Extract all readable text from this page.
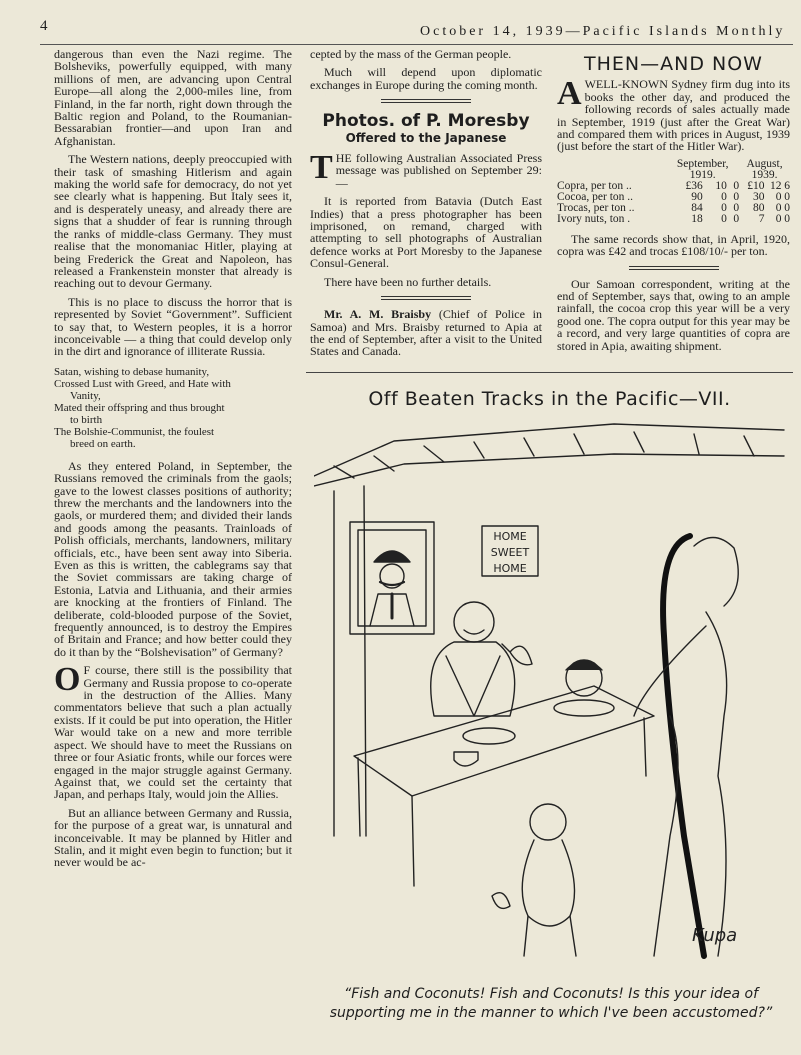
4	October 14, 1939—Pacific Islands Monthly

dangerous than even the Nazi regime. The Bolsheviks, powerfully equipped, with many millions of men, are advancing upon Central Europe—all along the 2,000-miles line, from Finland, in the far north, right down through the Baltic region and Poland, to the Roumanian-Bessarabian frontier—and upon Iran and Afghanistan.

The Western nations, deeply preoccupied with their task of smashing Hitlerism and again making the world safe for democracy, do not yet see clearly what is happening. But Italy sees it, and is desperately uneasy, and already there are signs that a shudder of fear is running through the ranks of middle-class Germany. They must realise that the monomaniac Hitler, playing at being Frederick the Great and Napoleon, has released a Frankenstein monster that already is reaching out to devour Germany.

This is no place to discuss the horror that is represented by Soviet “Government”. Sufficient to say that, to Western peoples, it is a horror inconceivable — a thing that could develop only in the dirt and ignorance of illiterate Russia.

Satan, wishing to debase humanity,
Crossed Lust with Greed, and Hate with
Vanity,
Mated their offspring and thus brought
to birth
The Bolshie-Communist, the foulest
breed on earth.

As they entered Poland, in September, the Russians removed the criminals from the gaols; gave to the lowest classes positions of authority; threw the merchants and the landowners into the gaols, or murdered them; and divided their lands and goods among the peasants. Trainloads of Polish officials, merchants, landowners, military officials, etc., have been sent away into Siberia. Even as this is written, the cablegrams say that the Soviet commissars are taking charge of Estonia, Latvia and Lithuania, and their armies are knocking at the frontiers of Finland. The deliberate, cold-blooded purpose of the Soviet, frequently announced, is to destroy the Empires of Britain and France; and how better could they do it than by the “Bolshevisation” of Germany?

O F course, there still is the possibility that Germany and Russia propose to co-operate in the destruction of the Allies. Many commentators believe that such a plan actually exists. If it could be put into operation, the Hitler War would take on a new and more terrible aspect. We should have to meet the Russians on three or four Asiatic fronts, while our forces were engaged in the major struggle against Germany. Against that, we could set the certainty that Japan, and perhaps Italy, would join the Allies.

But an alliance between Germany and Russia, for the purpose of a great war, is unnatural and inconceivable. It may be planned by Hitler and Stalin, and it might even begin to function; but it never would be ac-

cepted by the mass of the German people.

Much will depend upon diplomatic exchanges in Europe during the coming month.

Photos. of P. Moresby
Offered to the Japanese

THE following Australian Associated Press message was published on September 29:—

It is reported from Batavia (Dutch East Indies) that a press photographer has been imprisoned, on remand, charged with attempting to sell photographs of Australian defence works at Port Moresby to the Japanese Consul-General.

There have been no further details.

Mr. A. M. Braisby (Chief of Police in Samoa) and Mrs. Braisby returned to Apia at the end of September, after a visit to the United States and Canada.

THEN—AND NOW

A WELL-KNOWN Sydney firm dug into its books the other day, and produced the following records of sales actually made in September, 1919 (just after the Great War) and compared them with prices in August, 1939 (just before the start of the Hitler War).

	September,			August,		
	1919.			1939.		
Copra, per ton ..	£36	10	0	£10	12	6
Cocoa, per ton ..	90	0	0	30	0	0
Trocas, per ton ..	84	0	0	80	0	0
Ivory nuts, ton .	18	0	0	7	0	0

The same records show that, in April, 1920, copra was £42 and trocas £108/10/- per ton.

Our Samoan correspondent, writing at the end of September, says that, owing to an ample rainfall, the cocoa crop this year will be a very good one. The copra output for this year may be a record, and very large quantities of copra are stored in Apia, awaiting shipment.

Off Beaten Tracks in the Pacific—VII.
HOME
SWEET
HOME
Kupa
“Fish and Coconuts! Fish and Coconuts! Is this your idea of supporting me in the manner to which I've been accustomed?”
